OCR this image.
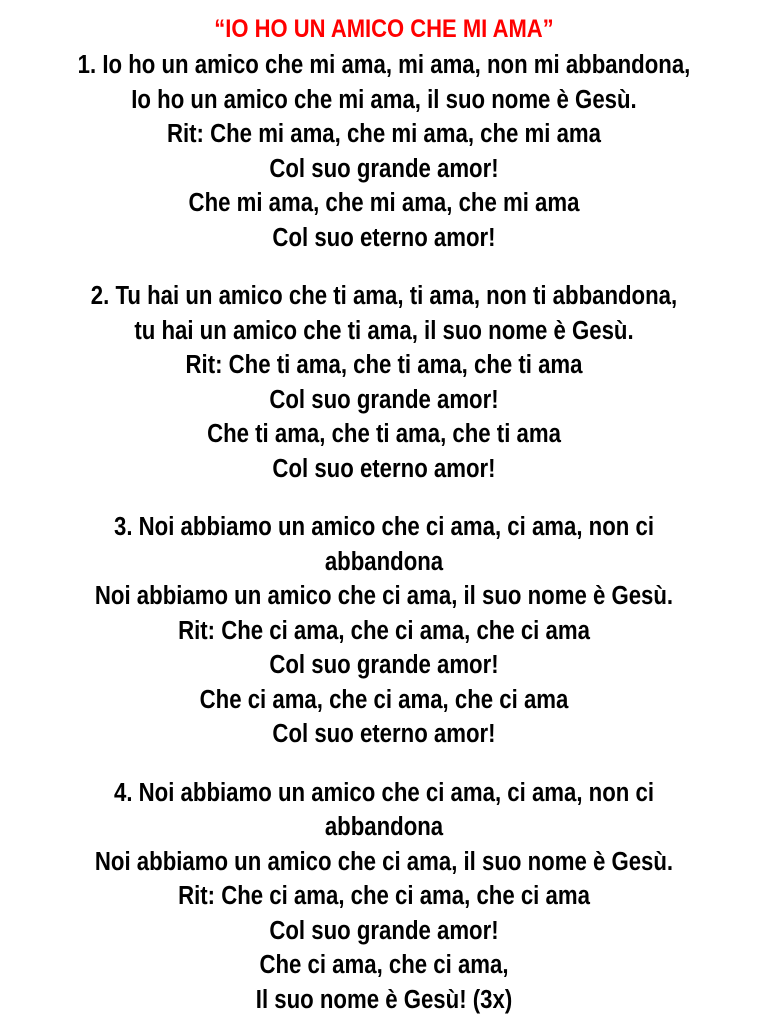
“IO HO UN AMICO CHE MI AMA”
1. Io ho un amico che mi ama, mi ama, non mi abbandona,
Io ho un amico che mi ama, il suo nome è Gesù.
Rit: Che mi ama, che mi ama, che mi ama
Col suo grande amor!
Che mi ama, che mi ama, che mi ama
Col suo eterno amor!
2. Tu hai un amico che ti ama, ti ama, non ti abbandona,
tu hai un amico che ti ama, il suo nome è Gesù.
Rit: Che ti ama, che ti ama, che ti ama
Col suo grande amor!
Che ti ama, che ti ama, che ti ama
Col suo eterno amor!
3. Noi abbiamo un amico che ci ama, ci ama, non ci
abbandona
Noi abbiamo un amico che ci ama, il suo nome è Gesù.
Rit: Che ci ama, che ci ama, che ci ama
Col suo grande amor!
Che ci ama, che ci ama, che ci ama
Col suo eterno amor!
4. Noi abbiamo un amico che ci ama, ci ama, non ci
abbandona
Noi abbiamo un amico che ci ama, il suo nome è Gesù.
Rit: Che ci ama, che ci ama, che ci ama
Col suo grande amor!
Che ci ama, che ci ama,
Il suo nome è Gesù! (3x)
